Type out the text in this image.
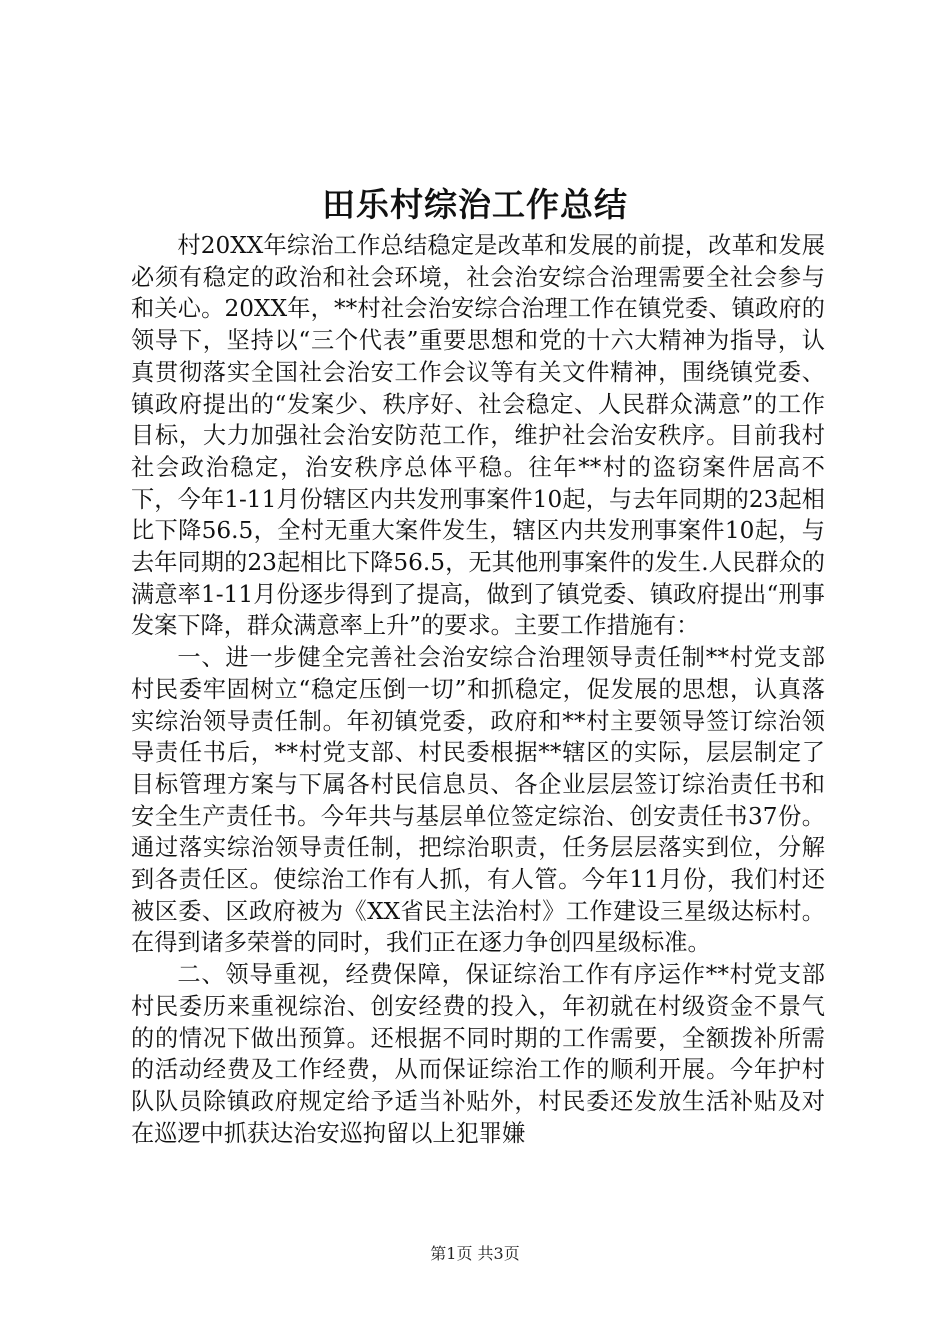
田乐村综治工作总结

村20XX年综治工作总结稳定是改革和发展的前提，改革和发展必须有稳定的政治和社会环境，社会治安综合治理需要全社会参与和关心。20XX年，**村社会治安综合治理工作在镇党委、镇政府的领导下，坚持以“三个代表”重要思想和党的十六大精神为指导，认真贯彻落实全国社会治安工作会议等有关文件精神，围绕镇党委、镇政府提出的“发案少、秩序好、社会稳定、人民群众满意”的工作目标，大力加强社会治安防范工作，维护社会治安秩序。目前我村社会政治稳定，治安秩序总体平稳。往年**村的盗窃案件居高不下，今年1-11月份辖区内共发刑事案件10起，与去年同期的23起相比下降56.5，全村无重大案件发生，辖区内共发刑事案件10起，与去年同期的23起相比下降56.5，无其他刑事案件的发生.人民群众的满意率1-11月份逐步得到了提高，做到了镇党委、镇政府提出“刑事发案下降，群众满意率上升”的要求。主要工作措施有：

一、进一步健全完善社会治安综合治理领导责任制**村党支部村民委牢固树立“稳定压倒一切”和抓稳定，促发展的思想，认真落实综治领导责任制。年初镇党委，政府和**村主要领导签订综治领导责任书后，**村党支部、村民委根据**辖区的实际，层层制定了目标管理方案与下属各村民信息员、各企业层层签订综治责任书和安全生产责任书。今年共与基层单位签定综治、创安责任书37份。通过落实综治领导责任制，把综治职责，任务层层落实到位，分解到各责任区。使综治工作有人抓，有人管。今年11月份，我们村还被区委、区政府被为《XX省民主法治村》工作建设三星级达标村。在得到诸多荣誉的同时，我们正在逐力争创四星级标准。

二、领导重视，经费保障，保证综治工作有序运作**村党支部村民委历来重视综治、创安经费的投入，年初就在村级资金不景气的的情况下做出预算。还根据不同时期的工作需要，全额拨补所需的活动经费及工作经费，从而保证综治工作的顺利开展。今年护村队队员除镇政府规定给予适当补贴外，村民委还发放生活补贴及对在巡逻中抓获达治安巡拘留以上犯罪嫌

第1页 共3页
